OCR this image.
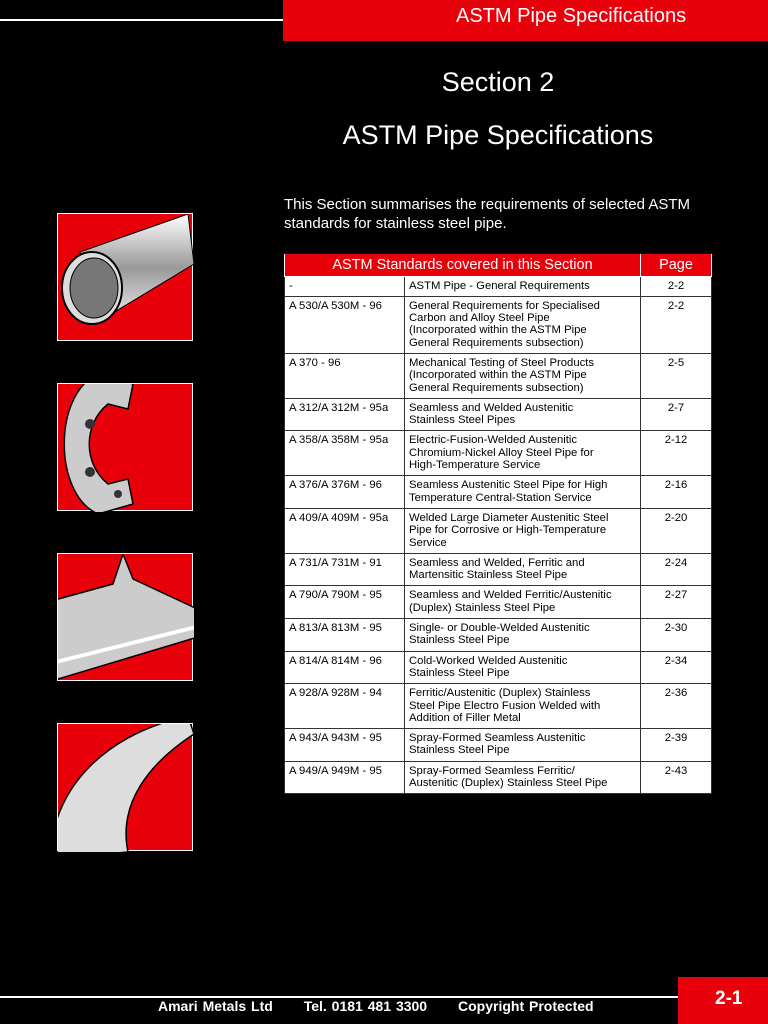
ASTM Pipe Specifications
Section 2
ASTM Pipe Specifications
This Section summarises the requirements of selected ASTM standards for stainless steel pipe.
ASTM Standards covered in this Section		Page
-	ASTM Pipe - General Requirements	2-2
A 530/A 530M - 96	General Requirements for Specialised
Carbon and Alloy Steel Pipe
(Incorporated within the ASTM Pipe
General Requirements subsection)	2-2
A 370 - 96	Mechanical Testing of Steel Products
(Incorporated within the ASTM Pipe
General Requirements subsection)	2-5
A 312/A 312M - 95a	Seamless and Welded Austenitic
Stainless Steel Pipes	2-7
A 358/A 358M - 95a	Electric-Fusion-Welded Austenitic
Chromium-Nickel Alloy Steel Pipe for
High-Temperature Service	2-12
A 376/A 376M - 96	Seamless Austenitic Steel Pipe for High
Temperature Central-Station Service	2-16
A 409/A 409M - 95a	Welded Large Diameter Austenitic Steel
Pipe for Corrosive or High-Temperature
Service	2-20
A 731/A 731M - 91	Seamless and Welded, Ferritic and
Martensitic Stainless Steel Pipe	2-24
A 790/A 790M - 95	Seamless and Welded Ferritic/Austenitic
(Duplex) Stainless Steel Pipe	2-27
A 813/A 813M - 95	Single- or Double-Welded Austenitic
Stainless Steel Pipe	2-30
A 814/A 814M - 96	Cold-Worked Welded Austenitic
Stainless Steel Pipe	2-34
A 928/A 928M - 94	Ferritic/Austenitic (Duplex) Stainless
Steel Pipe Electro Fusion Welded with
Addition of Filler Metal	2-36
A 943/A 943M - 95	Spray-Formed Seamless Austenitic
Stainless Steel Pipe	2-39
A 949/A 949M - 95	Spray-Formed Seamless Ferritic/
Austenitic (Duplex) Stainless Steel Pipe	2-43
Amari Metals Ltd Tel. 0181 481 3300 Copyright Protected	2-1
